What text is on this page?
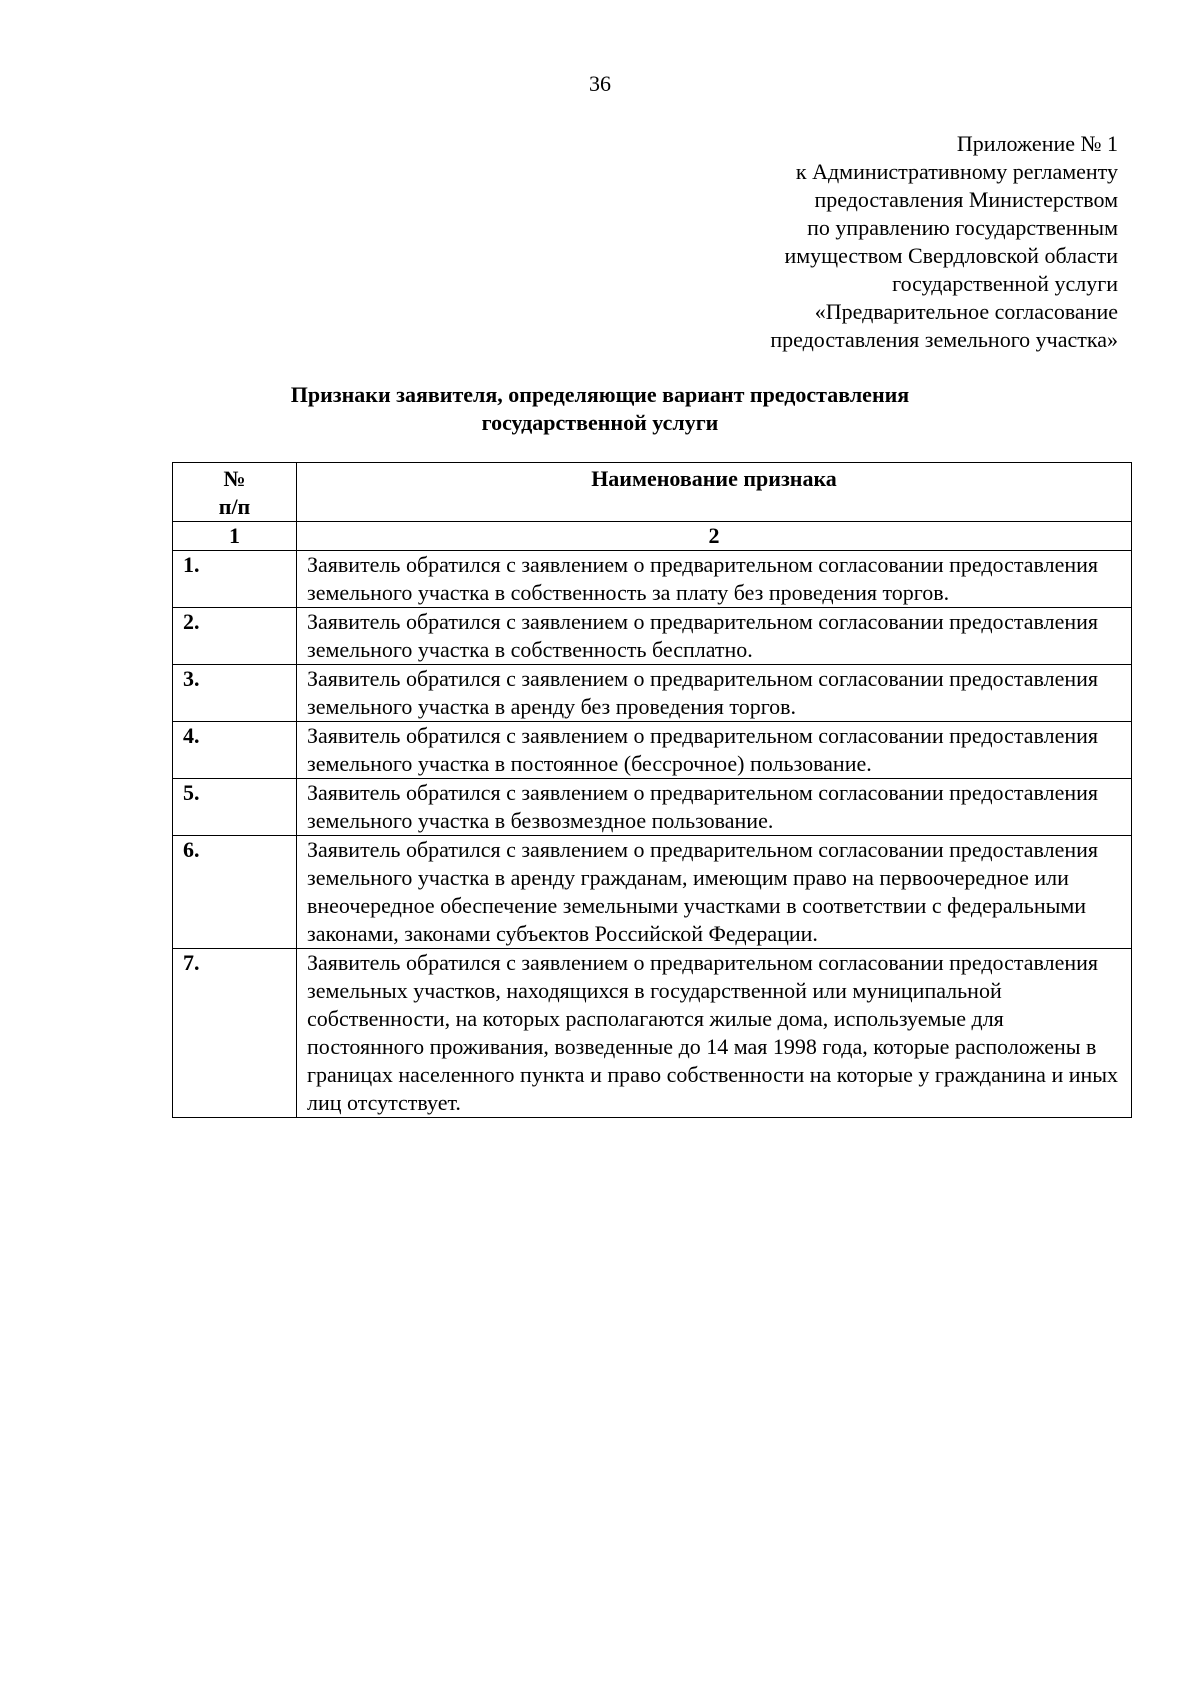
36
Приложение № 1
к Административному регламенту
предоставления Министерством
по управлению государственным
имуществом Свердловской области
государственной услуги
«Предварительное согласование
предоставления земельного участка»
Признаки заявителя, определяющие вариант предоставления
государственной услуги
№
п/п	Наименование признака
1	2
1.	Заявитель обратился с заявлением о предварительном согласовании предоставления земельного участка в собственность за плату без проведения торгов.
2.	Заявитель обратился с заявлением о предварительном согласовании предоставления земельного участка в собственность бесплатно.
3.	Заявитель обратился с заявлением о предварительном согласовании предоставления земельного участка в аренду без проведения торгов.
4.	Заявитель обратился с заявлением о предварительном согласовании предоставления земельного участка в постоянное (бессрочное) пользование.
5.	Заявитель обратился с заявлением о предварительном согласовании предоставления земельного участка в безвозмездное пользование.
6.	Заявитель обратился с заявлением о предварительном согласовании предоставления земельного участка в аренду гражданам, имеющим право на первоочередное или внеочередное обеспечение земельными участками в соответствии с федеральными законами, законами субъектов Российской Федерации.
7.	Заявитель обратился с заявлением о предварительном согласовании предоставления земельных участков, находящихся в государственной или муниципальной собственности, на которых располагаются жилые дома, используемые для постоянного проживания, возведенные до 14 мая 1998 года, которые расположены в границах населенного пункта и право собственности на которые у гражданина и иных лиц отсутствует.
